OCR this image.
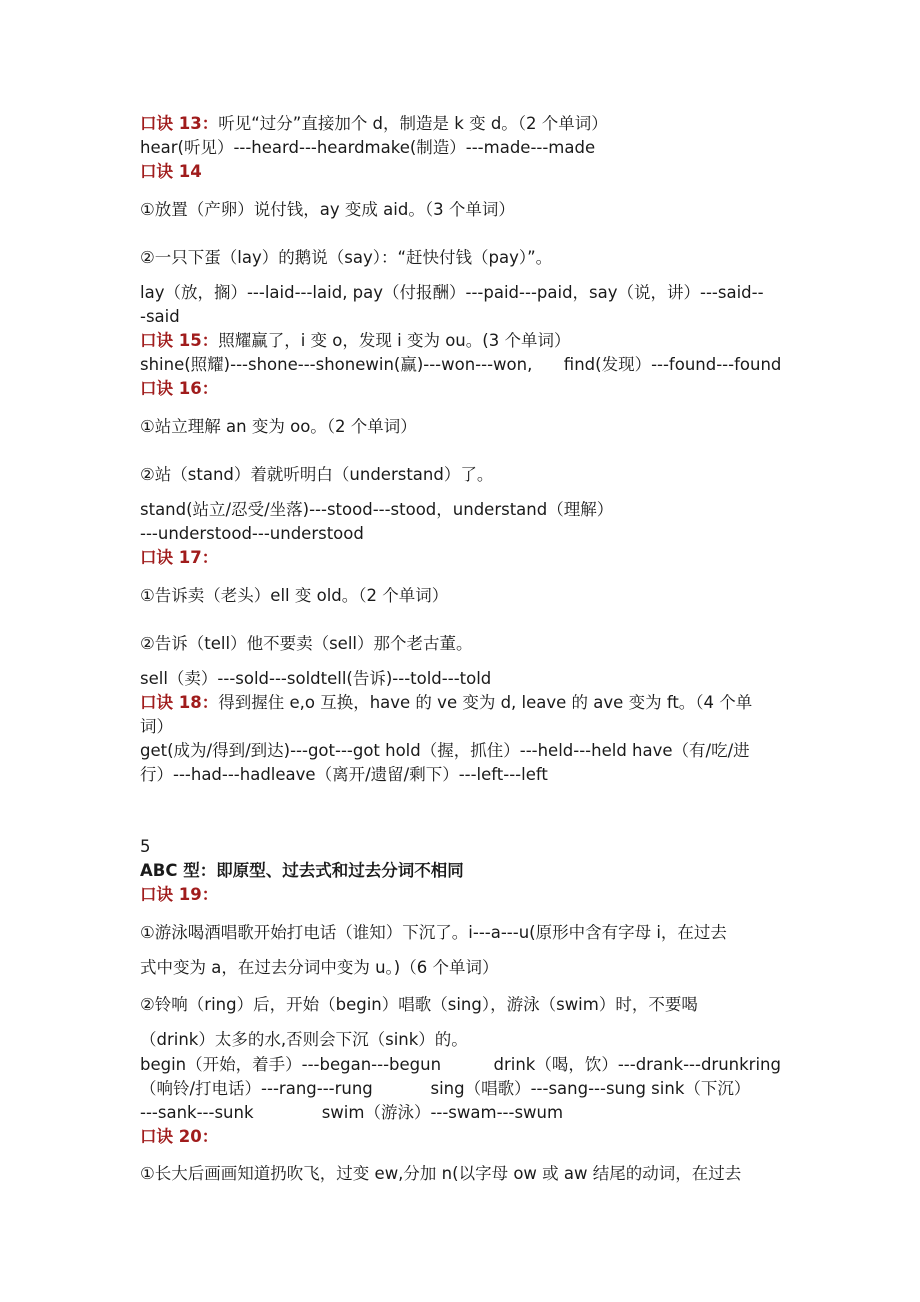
口诀 13：听见“过分”直接加个 d，制造是 k 变 d。（2 个单词）
hear(听见）---heard---heardmake(制造）---made---made
口诀 14
①放置（产卵）说付钱，ay 变成 aid。（3 个单词）
②一只下蛋（lay）的鹅说（say）：“赶快付钱（pay）”。
lay（放，搁）---laid---laid, pay（付报酬）---paid---paid，say（说，讲）---said--
-said
口诀 15：照耀赢了，i 变 o，发现 i 变为 ou。(3 个单词）
shine(照耀)---shone---shonewin(赢)---won---won,      find(发现）---found---found
口诀 16：
①站立理解 an 变为 oo。（2 个单词）
②站（stand）着就听明白（understand）了。
stand(站立/忍受/坐落)---stood---stood，understand（理解）
---understood---understood
口诀 17：
①告诉卖（老头）ell 变 old。（2 个单词）
②告诉（tell）他不要卖（sell）那个老古董。
sell（卖）---sold---soldtell(告诉)---told---told
口诀 18：得到握住 e,o 互换，have 的 ve 变为 d, leave 的 ave 变为 ft。（4 个单
词）
get(成为/得到/到达)---got---got hold（握，抓住）---held---held have（有/吃/进
行）---had---hadleave（离开/遗留/剩下）---left---left
5
ABC 型：即原型、过去式和过去分词不相同
口诀 19：
①游泳喝酒唱歌开始打电话（谁知）下沉了。i---a---u(原形中含有字母 i，在过去
式中变为 a，在过去分词中变为 u。)（6 个单词）
②铃响（ring）后，开始（begin）唱歌（sing），游泳（swim）时，不要喝
（drink）太多的水,否则会下沉（sink）的。
begin（开始，着手）---began---begun          drink（喝，饮）---drank---drunkring
（响铃/打电话）---rang---rung           sing（唱歌）---sang---sung sink（下沉）
---sank---sunk             swim（游泳）---swam---swum
口诀 20：
①长大后画画知道扔吹飞，过变 ew,分加 n(以字母 ow 或 aw 结尾的动词，在过去
